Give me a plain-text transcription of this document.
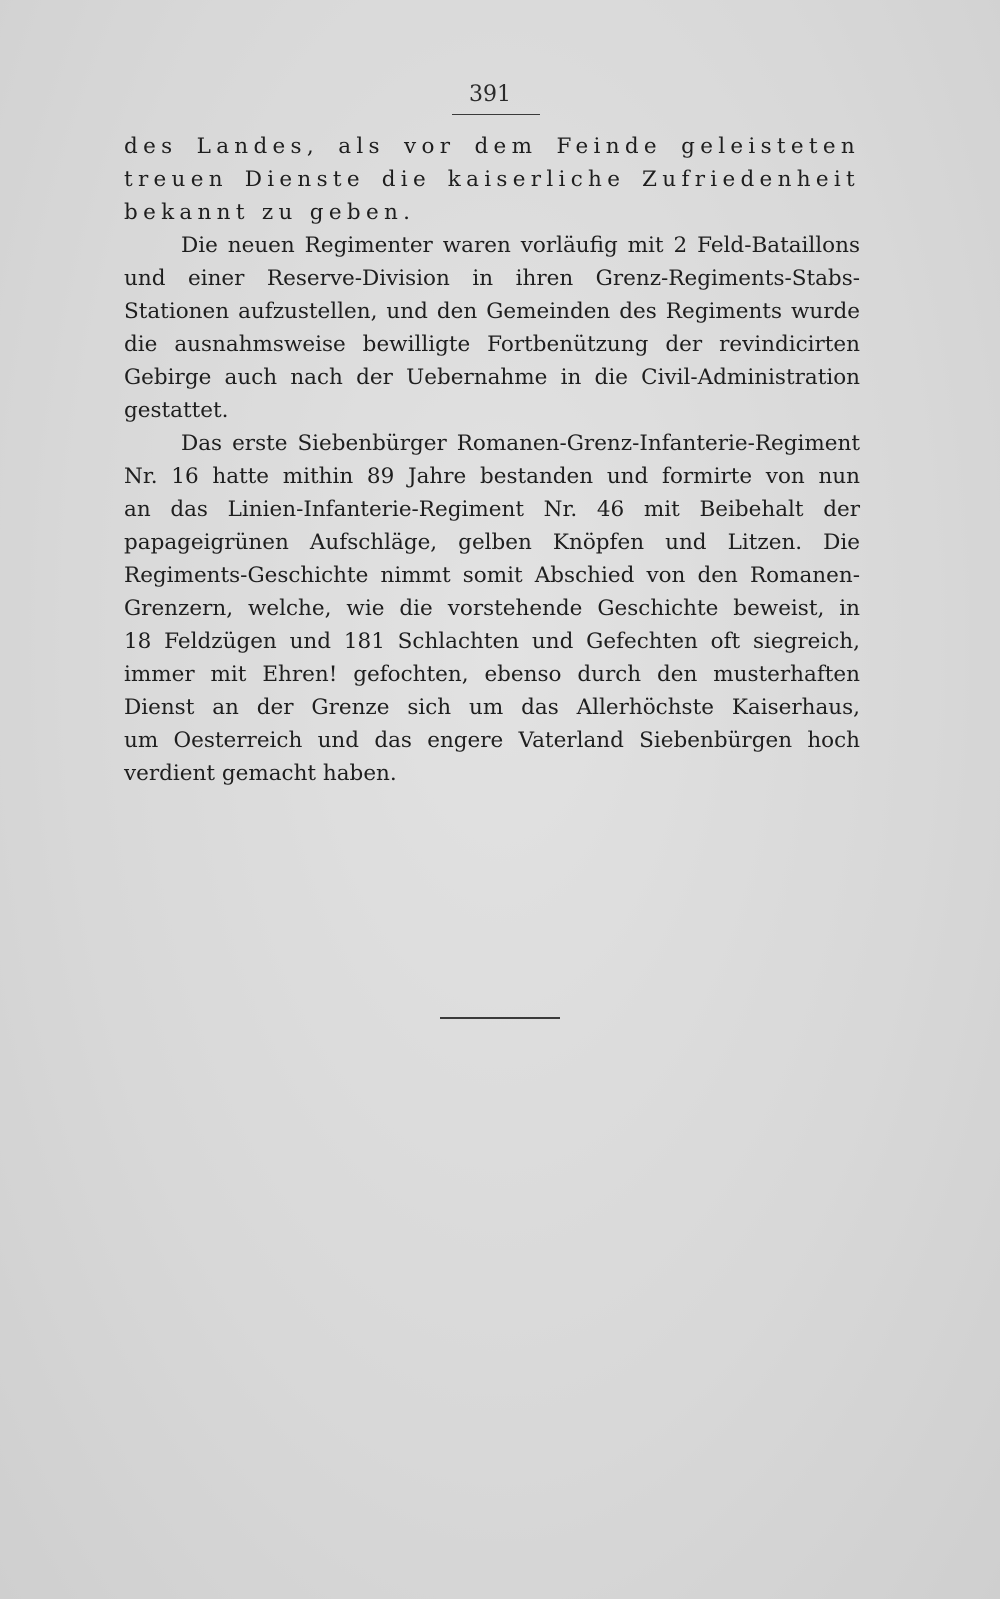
391
des Landes, als vor dem Feinde geleisteten
treuen Dienste die kaiserliche Zufriedenheit
bekannt zu geben.
Die neuen Regimenter waren vorläufig mit 2 Feld-Bataillons
und einer Reserve-Division in ihren Grenz-Regiments-Stabs-
Stationen aufzustellen, und den Gemeinden des Regiments wurde
die ausnahmsweise bewilligte Fortbenützung der revindicirten
Gebirge auch nach der Uebernahme in die Civil-Administration
gestattet.
Das erste Siebenbürger Romanen-Grenz-Infanterie-Regiment
Nr. 16 hatte mithin 89 Jahre bestanden und formirte von nun
an das Linien-Infanterie-Regiment Nr. 46 mit Beibehalt der
papageigrünen Aufschläge, gelben Knöpfen und Litzen. Die
Regiments-Geschichte nimmt somit Abschied von den Romanen-
Grenzern, welche, wie die vorstehende Geschichte beweist, in
18 Feldzügen und 181 Schlachten und Gefechten oft siegreich,
immer mit Ehren! gefochten, ebenso durch den musterhaften
Dienst an der Grenze sich um das Allerhöchste Kaiserhaus,
um Oesterreich und das engere Vaterland Siebenbürgen hoch
verdient gemacht haben.
